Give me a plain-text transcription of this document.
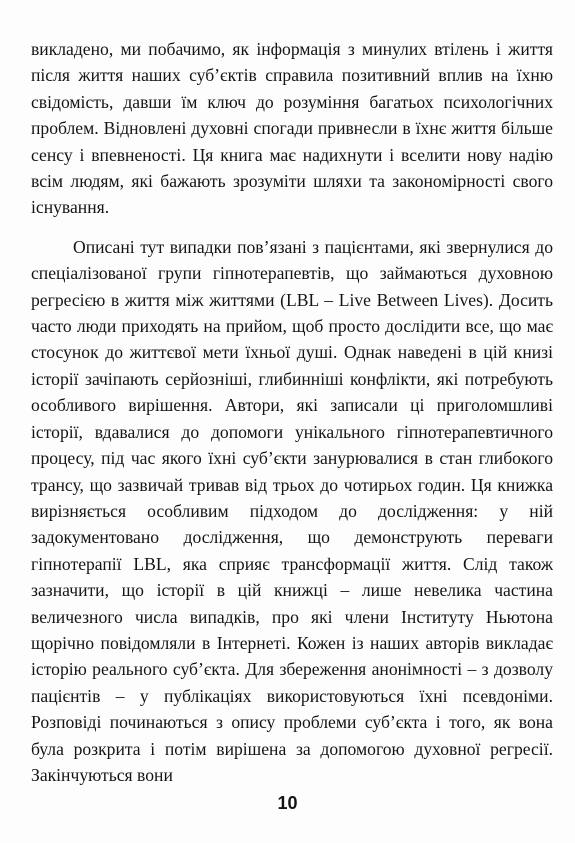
викладено, ми побачимо, як інформація з минулих втілень і життя після життя наших суб’єктів справила позитивний вплив на їхню свідомість, давши їм ключ до розуміння багатьох психологічних проблем. Відновлені духовні спогади привнесли в їхнє життя більше сенсу і впевненості. Ця книга має надихнути і вселити нову надію всім людям, які бажають зрозуміти шляхи та закономірності свого існування.

Описані тут випадки пов’язані з пацієнтами, які звернулися до спеціалізованої групи гіпнотерапевтів, що займаються духовною регресією в життя між життями (LBL – Live Between Lives). Досить часто люди приходять на прийом, щоб просто дослідити все, що має стосунок до життєвої мети їхньої душі. Однак наведені в цій книзі історії зачіпають серйозніші, глибинніші конфлікти, які потребують особливого вирішення. Автори, які записали ці приголомшливі історії, вдавалися до допомоги унікального гіпнотерапевтичного процесу, під час якого їхні суб’єкти занурювалися в стан глибокого трансу, що зазвичай тривав від трьох до чотирьох годин. Ця книжка вирізняється особливим підходом до дослідження: у ній задокументовано дослідження, що демонструють переваги гіпнотерапії LBL, яка сприяє трансформації життя. Слід також зазначити, що історії в цій книжці – лише невелика частина величезного числа випадків, про які члени Інституту Ньютона щорічно повідомляли в Інтернеті. Кожен із наших авторів викладає історію реального суб’єкта. Для збереження анонімності – з дозволу пацієнтів – у публікаціях використовуються їхні псевдоніми. Розповіді починаються з опису проблеми суб’єкта і того, як вона була розкрита і потім вирішена за допомогою духовної регресії. Закінчуються вони

10
